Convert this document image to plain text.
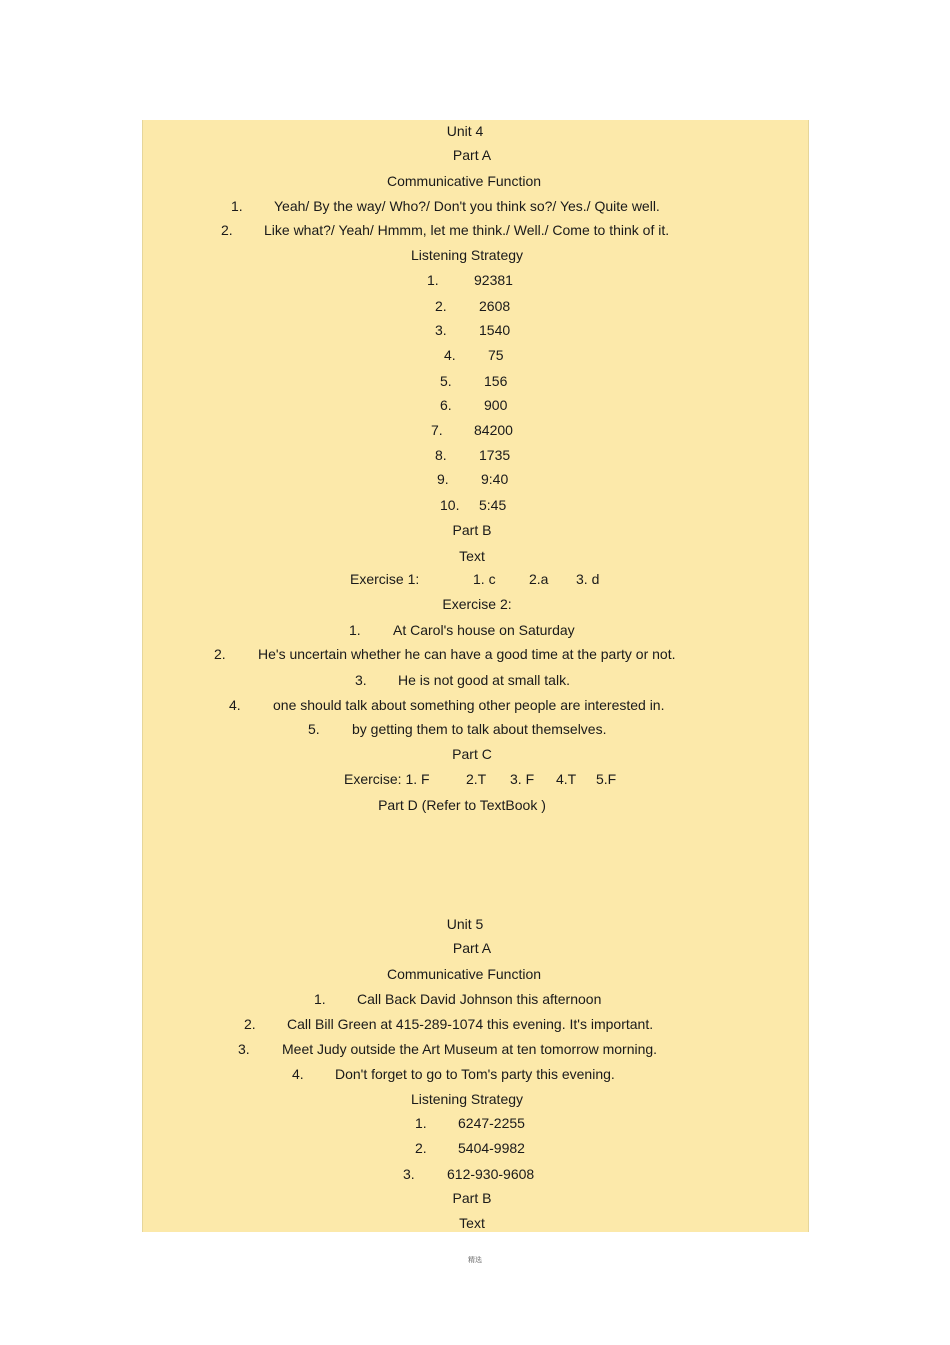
Unit 4
Part A
Communicative Function
1. Yeah/ By the way/ Who?/ Don't you think so?/ Yes./ Quite well.
2. Like what?/ Yeah/ Hmmm, let me think./ Well./ Come to think of it.
Listening Strategy
1.	92381
2. 2608
3. 1540
4. 75
5. 156
6. 900
7. 84200
8. 1735
9. 9:40
10. 5:45
Part B
Text
Exercise 1:	1. c 2.a 3. d
Exercise 2:
1. At Carol's house on Saturday
2. He's uncertain whether he can have a good time at the party or not.
3. He is not good at small talk.
4. one should talk about something other people are interested in.
5. by getting them to talk about themselves.
Part C
Exercise: 1. F	2.T 3. F 4.T 5.F
Part D (Refer to TextBook )
Unit 5
Part A
Communicative Function
1. Call Back David Johnson this afternoon
2. Call Bill Green at 415-289-1074 this evening. It's important.
3. Meet Judy outside the Art Museum at ten tomorrow morning.
4. Don't forget to go to Tom's party this evening.
Listening Strategy
1. 6247-2255
2. 5404-9982
3. 612-930-9608
Part B
Text
精选
